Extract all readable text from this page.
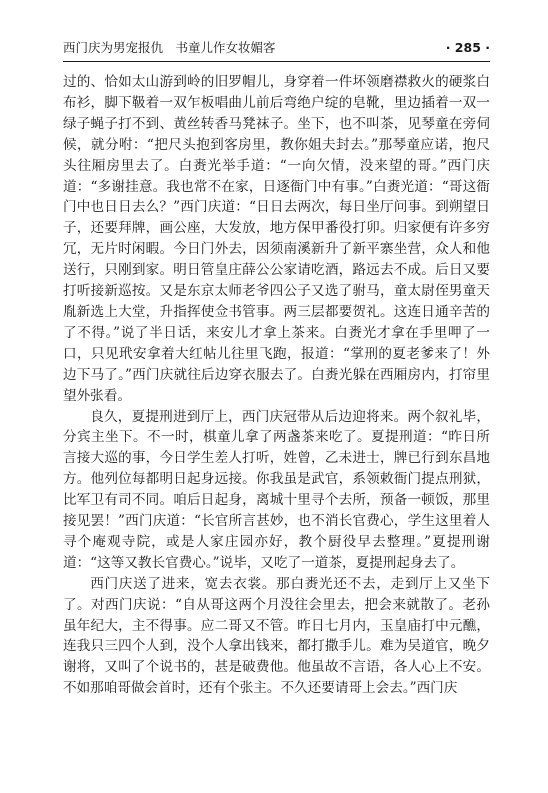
西门庆为男宠报仇　书童儿作女妆媚客	· 285 ·

过的、恰如太山游到岭的旧罗帽儿，身穿着一件坏领磨襟救火的硬浆白布衫，脚下靸着一双乍板唱曲儿前后弯绝户绽的皂靴，里边插着一双一绿子蝇子打不到、黄丝转香马凳袜子。坐下，也不叫茶，见琴童在旁伺候，就分咐：“把尺头抱到客房里，教你姐夫封去。”那琴童应诺，抱尺头往厢房里去了。白赉光举手道：“一向欠情，没来望的哥。”西门庆道：“多谢挂意。我也常不在家，日逐衙门中有事。”白赉光道：“哥这衙门中也日日去么？”西门庆道：“日日去两次，每日坐厅问事。到朔望日子，还要拜牌，画公座，大发放，地方保甲番役打卯。归家便有许多穷冗，无片时闲暇。今日门外去，因须南溪新升了新平寨坐营，众人和他送行，只刚到家。明日管皇庄薛公公家请吃酒，路远去不成。后日又要打听接新巡按。又是东京太师老爷四公子又选了驸马，童太尉侄男童天胤新选上大堂，升指挥使佥书管事。两三层都要贺礼。这连日通辛苦的了不得。”说了半日话，来安儿才拿上茶来。白赉光才拿在手里呷了一口，只见玳安拿着大红帖儿往里飞跑，报道：“掌刑的夏老爹来了！外边下马了。”西门庆就往后边穿衣服去了。白赉光躲在西厢房内，打帘里望外张看。

良久，夏提刑进到厅上，西门庆冠带从后边迎将来。两个叙礼毕，分宾主坐下。不一时，棋童儿拿了两盏茶来吃了。夏提刑道：“昨日所言接大巡的事，今日学生差人打听，姓曾，乙未进士，牌已行到东昌地方。他列位每都明日起身远接。你我虽是武官，系领敕衙门提点刑狱，比军卫有司不同。咱后日起身，离城十里寻个去所，预备一顿饭，那里接见罢！”西门庆道：“长官所言甚妙，也不消长官费心，学生这里着人寻个庵观寺院，或是人家庄园亦好，教个厨役早去整理。”夏提刑谢道：“这等又教长官费心。”说毕，又吃了一道茶，夏提刑起身去了。

西门庆送了进来，宽去衣裳。那白赉光还不去，走到厅上又坐下了。对西门庆说：“自从哥这两个月没往会里去，把会来就散了。老孙虽年纪大，主不得事。应二哥又不管。昨日七月内，玉皇庙打中元醮，连我只三四个人到，没个人拿出钱来，都打撒手儿。难为吴道官，晚夕谢将，又叫了个说书的，甚是破费他。他虽故不言语，各人心上不安。不如那咱哥做会首时，还有个张主。不久还要请哥上会去。”西门庆
